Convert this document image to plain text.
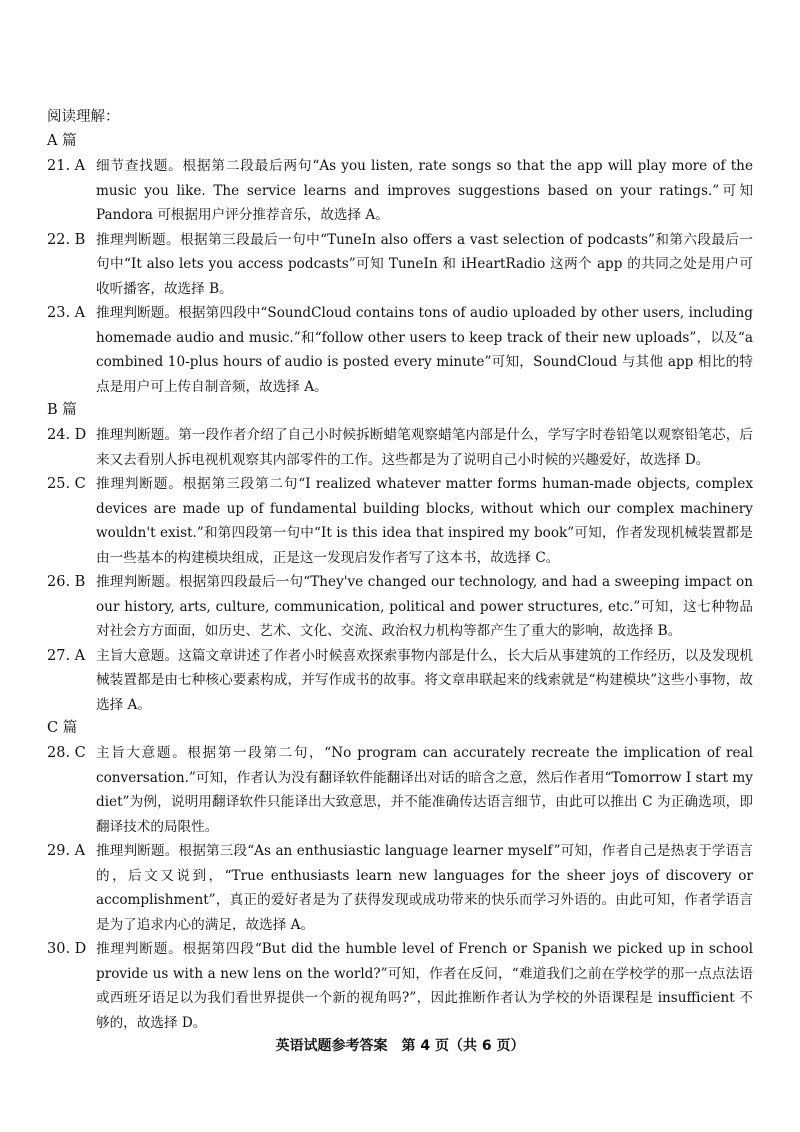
阅读理解：
A 篇
21. A 细节查找题。根据第二段最后两句“As you listen, rate songs so that the app will play more of the music you like. The service learns and improves suggestions based on your ratings.”可知 Pandora 可根据用户评分推荐音乐，故选择 A。
22. B 推理判断题。根据第三段最后一句中“TuneIn also offers a vast selection of podcasts”和第六段最后一句中“It also lets you access podcasts”可知 TuneIn 和 iHeartRadio 这两个 app 的共同之处是用户可收听播客，故选择 B。
23. A 推理判断题。根据第四段中“SoundCloud contains tons of audio uploaded by other users, including homemade audio and music.”和“follow other users to keep track of their new uploads”，以及“a combined 10-plus hours of audio is posted every minute”可知，SoundCloud 与其他 app 相比的特点是用户可上传自制音频，故选择 A。
B 篇
24. D 推理判断题。第一段作者介绍了自己小时候拆断蜡笔观察蜡笔内部是什么，学写字时卷铅笔以观察铅笔芯，后来又去看别人拆电视机观察其内部零件的工作。这些都是为了说明自己小时候的兴趣爱好，故选择 D。
25. C 推理判断题。根据第三段第二句“I realized whatever matter forms human-made objects, complex devices are made up of fundamental building blocks, without which our complex machinery wouldn't exist.”和第四段第一句中“It is this idea that inspired my book”可知，作者发现机械装置都是由一些基本的构建模块组成，正是这一发现启发作者写了这本书，故选择 C。
26. B 推理判断题。根据第四段最后一句“They've changed our technology, and had a sweeping impact on our history, arts, culture, communication, political and power structures, etc.”可知，这七种物品对社会方方面面，如历史、艺术、文化、交流、政治权力机构等都产生了重大的影响，故选择 B。
27. A 主旨大意题。这篇文章讲述了作者小时候喜欢探索事物内部是什么，长大后从事建筑的工作经历，以及发现机械装置都是由七种核心要素构成，并写作成书的故事。将文章串联起来的线索就是“构建模块”这些小事物，故选择 A。
C 篇
28. C 主旨大意题。根据第一段第二句，“No program can accurately recreate the implication of real conversation.”可知，作者认为没有翻译软件能翻译出对话的暗含之意，然后作者用“Tomorrow I start my diet”为例，说明用翻译软件只能译出大致意思，并不能准确传达语言细节，由此可以推出 C 为正确选项，即翻译技术的局限性。
29. A 推理判断题。根据第三段“As an enthusiastic language learner myself”可知，作者自己是热衷于学语言的，后文又说到，“True enthusiasts learn new languages for the sheer joys of discovery or accomplishment”，真正的爱好者是为了获得发现或成功带来的快乐而学习外语的。由此可知，作者学语言是为了追求内心的满足，故选择 A。
30. D 推理判断题。根据第四段“But did the humble level of French or Spanish we picked up in school provide us with a new lens on the world?”可知，作者在反问，“难道我们之前在学校学的那一点点法语或西班牙语足以为我们看世界提供一个新的视角吗?”，因此推断作者认为学校的外语课程是 insufficient 不够的，故选择 D。
英语试题参考答案　第 4 页（共 6 页）
